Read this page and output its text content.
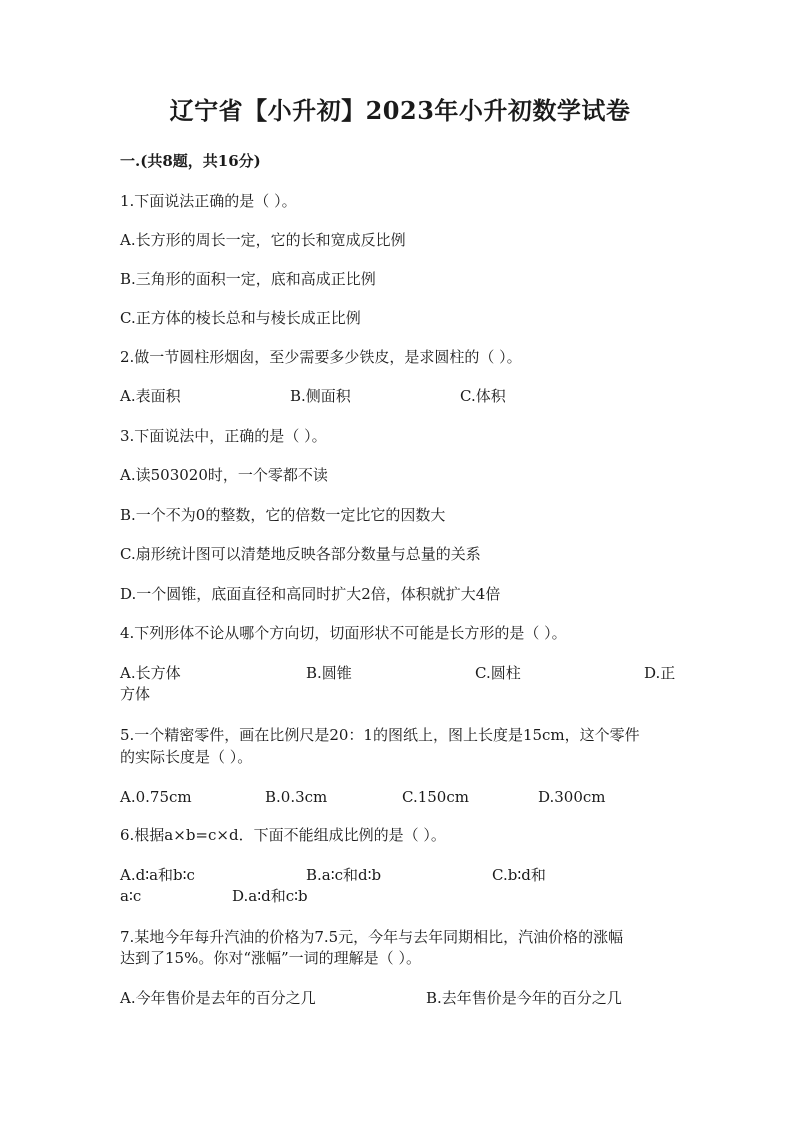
辽宁省【小升初】2023年小升初数学试卷
一.(共8题，共16分)
1.下面说法正确的是（ ）。
A.长方形的周长一定，它的长和宽成反比例
B.三角形的面积一定，底和高成正比例
C.正方体的棱长总和与棱长成正比例
2.做一节圆柱形烟囱，至少需要多少铁皮，是求圆柱的（ ）。
A.表面积	B.侧面积	C.体积
3.下面说法中，正确的是（ ）。
A.读503020时，一个零都不读
B.一个不为0的整数，它的倍数一定比它的因数大
C.扇形统计图可以清楚地反映各部分数量与总量的关系
D.一个圆锥，底面直径和高同时扩大2倍，体积就扩大4倍
4.下列形体不论从哪个方向切，切面形状不可能是长方形的是（ ）。
A.长方体	B.圆锥	C.圆柱	D.正
方体
5.一个精密零件，画在比例尺是20：1的图纸上，图上长度是15cm，这个零件
的实际长度是（ ）。
A.0.75cm	B.0.3cm	C.150cm	D.300cm
6.根据a×b=c×d．下面不能组成比例的是（ ）。
A.d∶a和b∶c	B.a∶c和d∶b	C.b∶d和
a∶c	D.a∶d和c∶b
7.某地今年每升汽油的价格为7.5元，今年与去年同期相比，汽油价格的涨幅
达到了15%。你对“涨幅”一词的理解是（ ）。
A.今年售价是去年的百分之几	B.去年售价是今年的百分之几
